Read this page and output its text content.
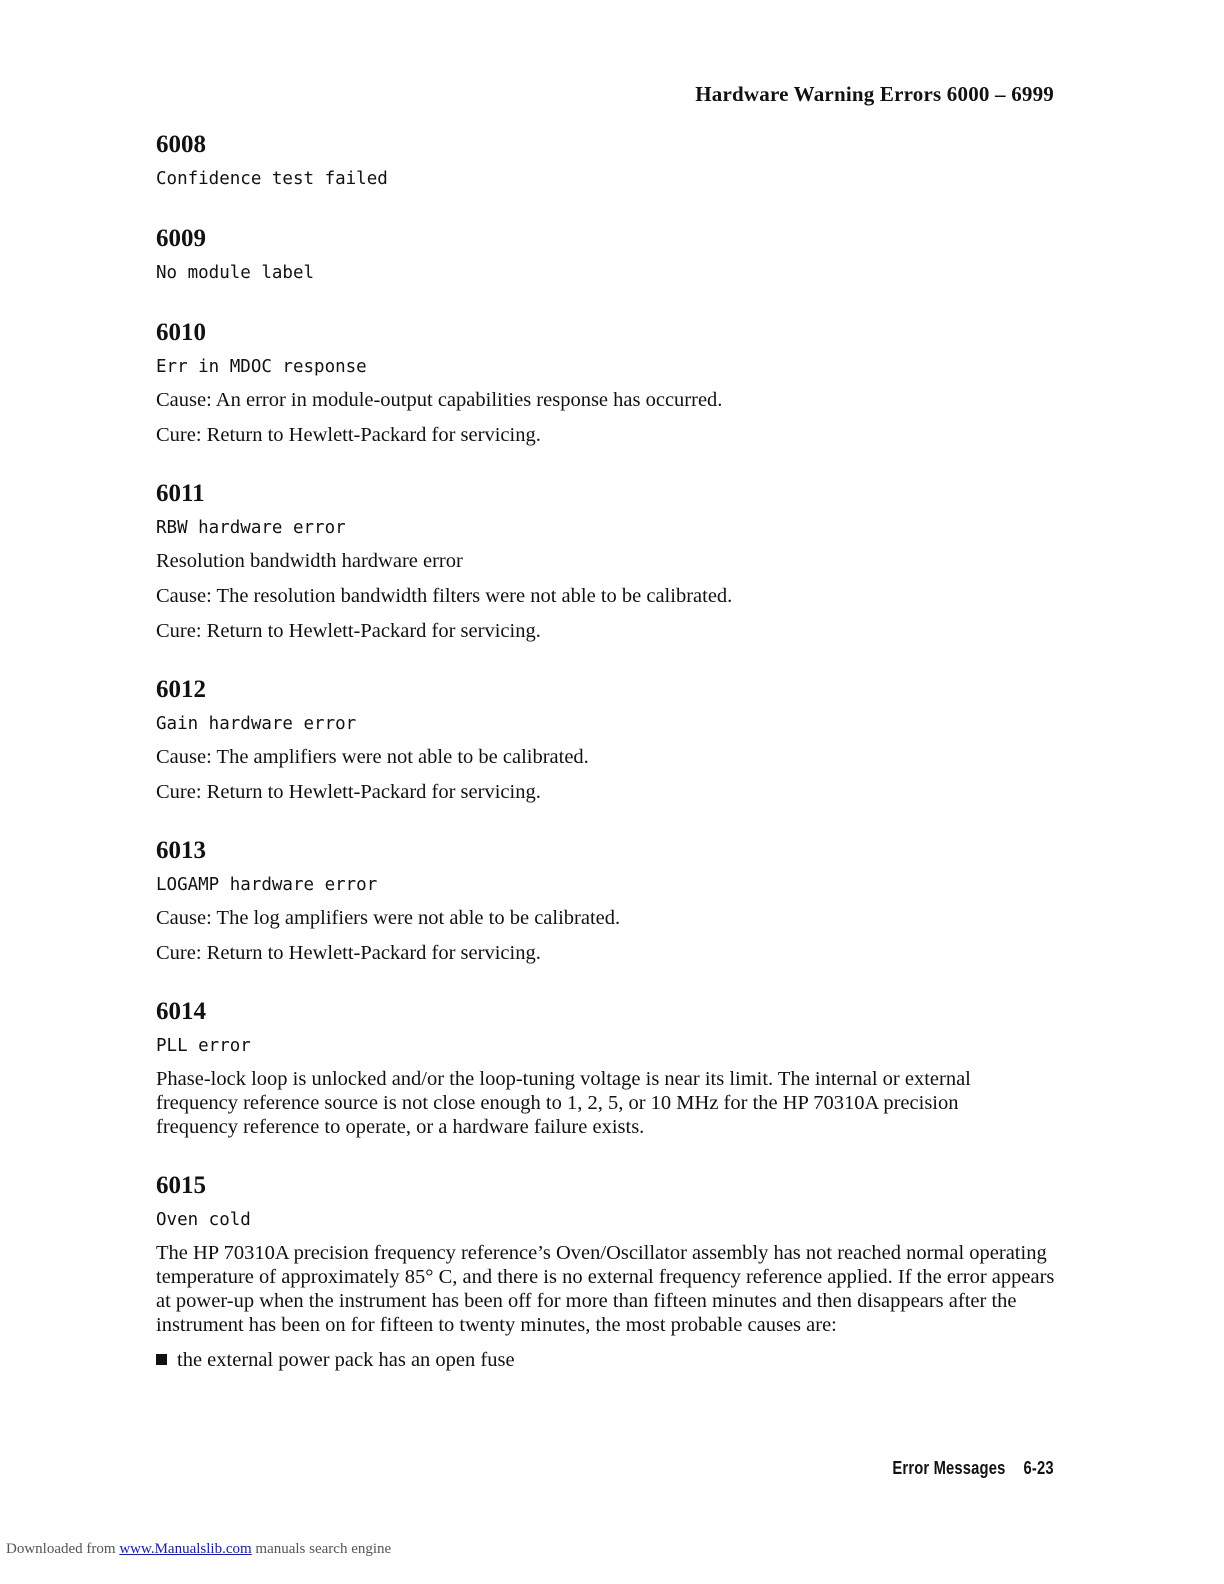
Hardware Warning Errors 6000 – 6999
6008
Confidence test failed
6009
No module label
6010
Err in MDOC response
Cause: An error in module-output capabilities response has occurred.
Cure: Return to Hewlett-Packard for servicing.
6011
RBW hardware error
Resolution bandwidth hardware error
Cause: The resolution bandwidth filters were not able to be calibrated.
Cure: Return to Hewlett-Packard for servicing.
6012
Gain hardware error
Cause: The amplifiers were not able to be calibrated.
Cure: Return to Hewlett-Packard for servicing.
6013
LOGAMP hardware error
Cause: The log amplifiers were not able to be calibrated.
Cure: Return to Hewlett-Packard for servicing.
6014
PLL error
Phase-lock loop is unlocked and/or the loop-tuning voltage is near its limit. The internal or external frequency reference source is not close enough to 1, 2, 5, or 10 MHz for the HP 70310A precision frequency reference to operate, or a hardware failure exists.
6015
Oven cold
The HP 70310A precision frequency reference’s Oven/Oscillator assembly has not reached normal operating temperature of approximately 85° C, and there is no external frequency reference applied. If the error appears at power-up when the instrument has been off for more than fifteen minutes and then disappears after the instrument has been on for fifteen to twenty minutes, the most probable causes are:
the external power pack has an open fuse
Error Messages 6-23
Downloaded from www.Manualslib.com manuals search engine
